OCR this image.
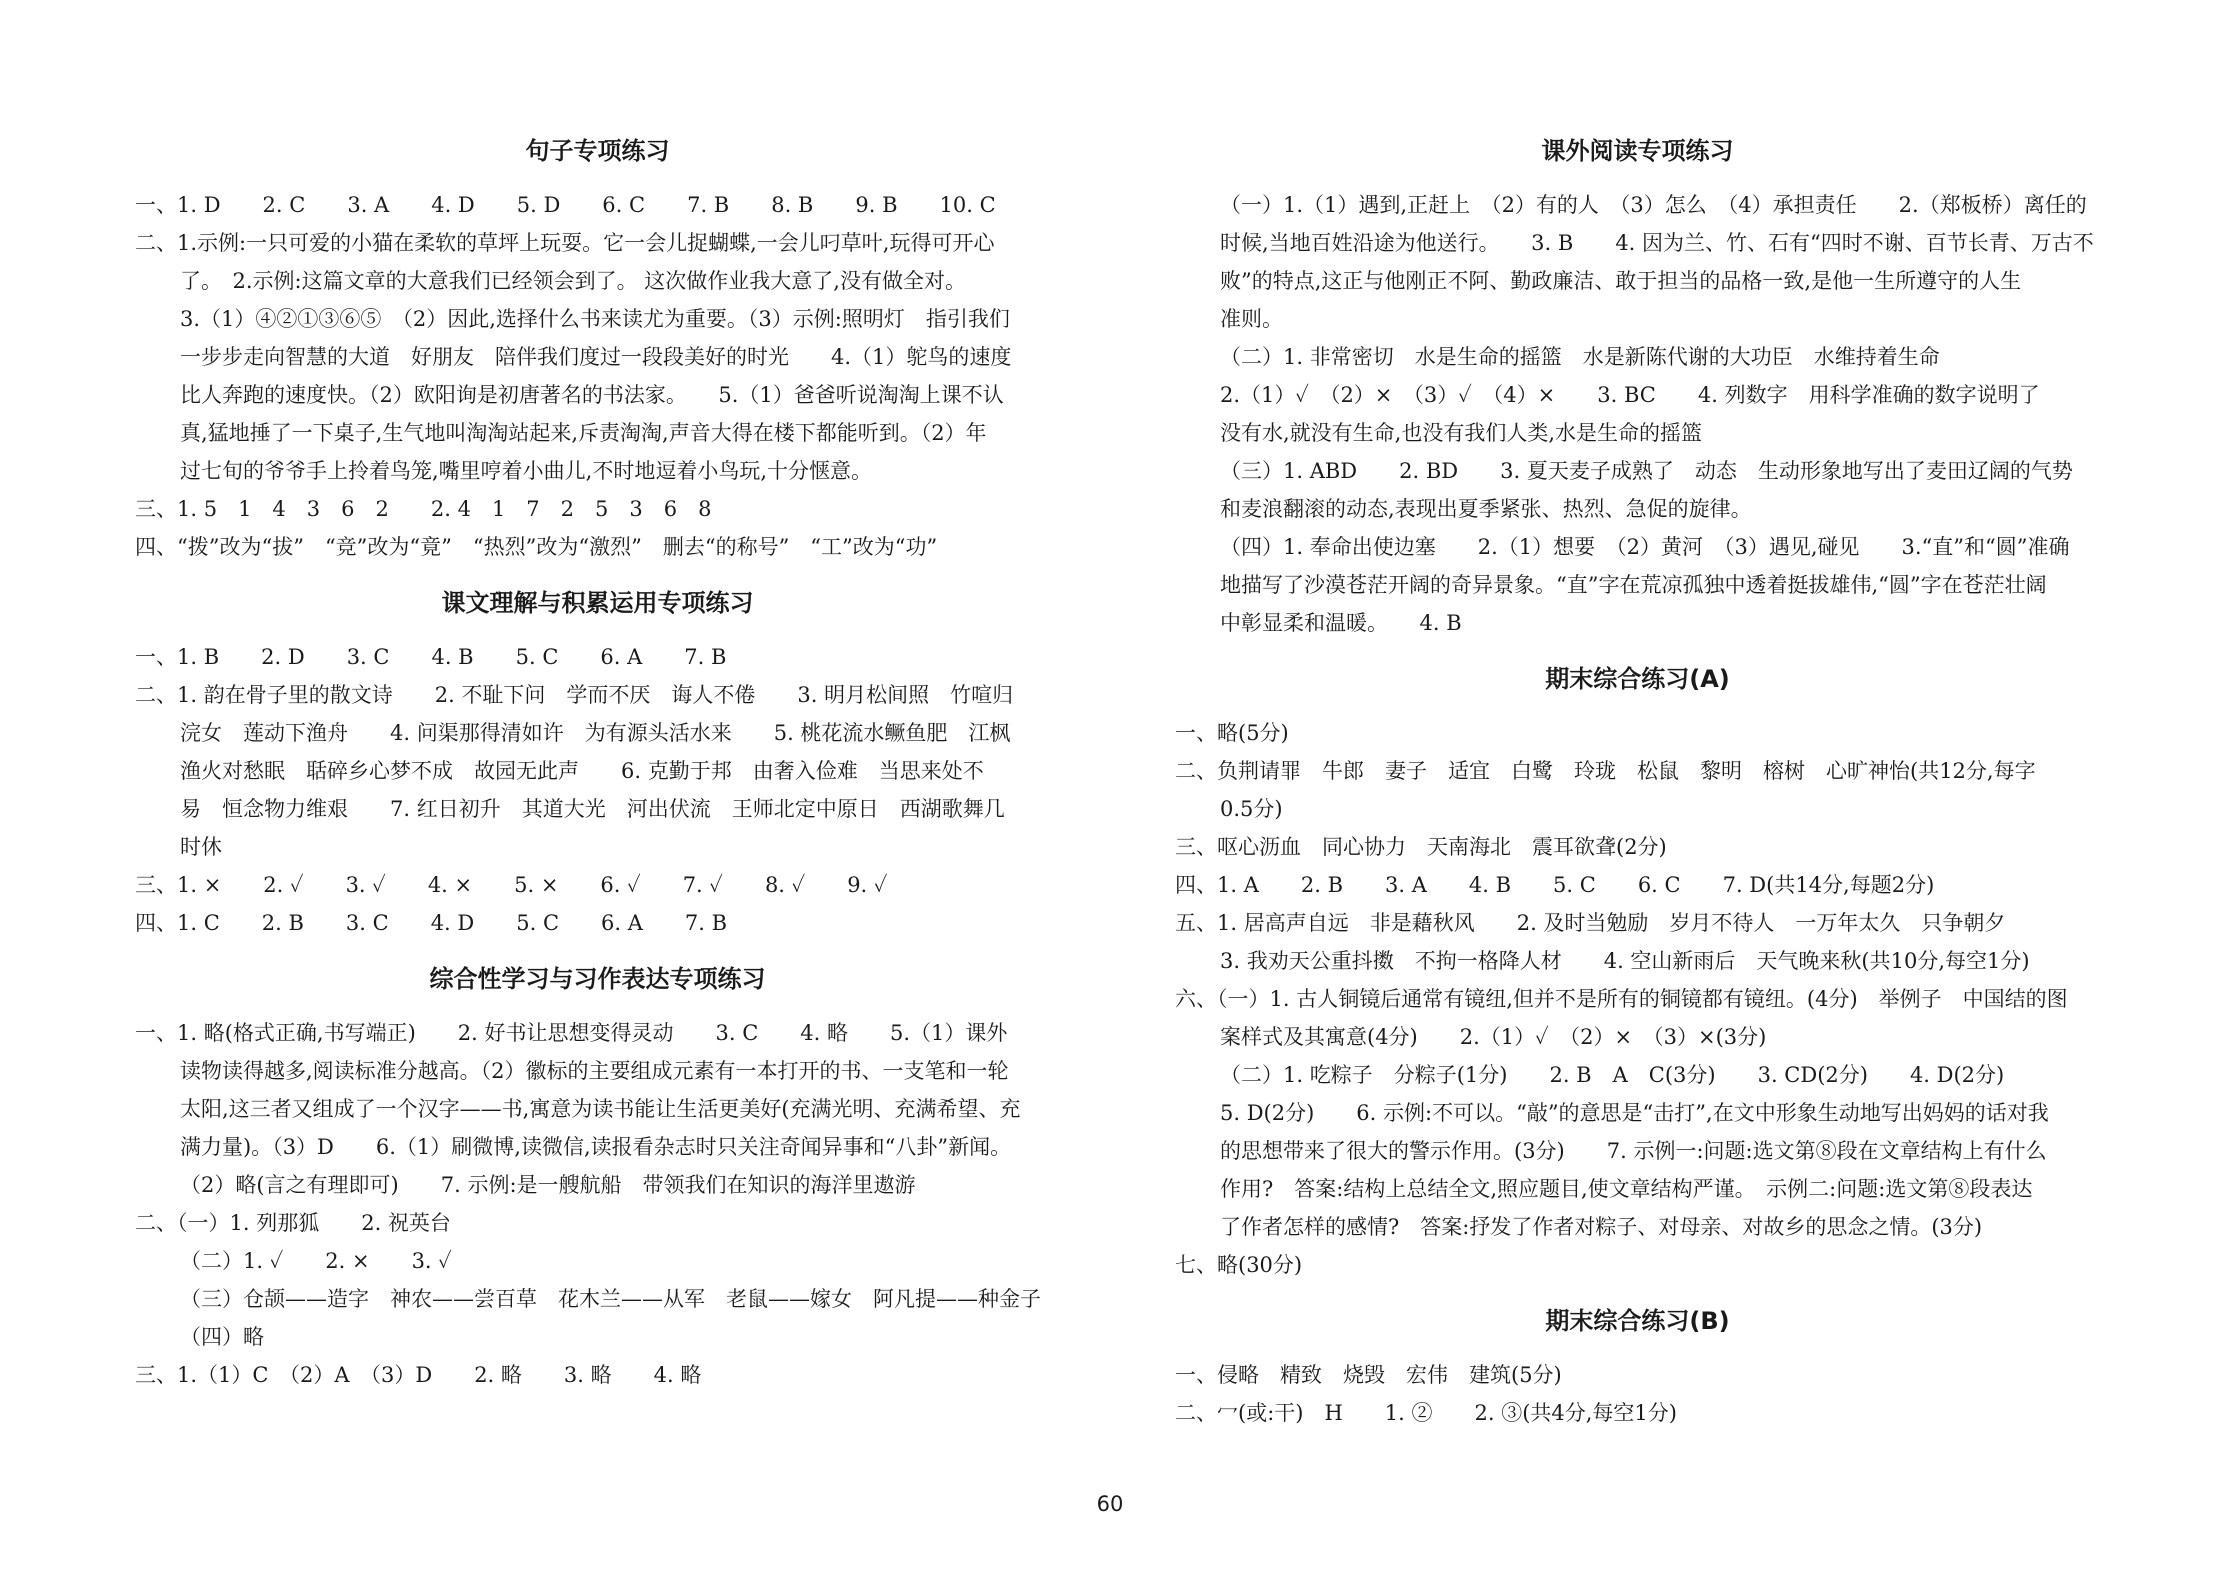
句子专项练习
一、1. D　　2. C　　3. A　　4. D　　5. D　　6. C　　7. B　　8. B　　9. B　　10. C
二、1.示例:一只可爱的小猫在柔软的草坪上玩耍。它一会儿捉蝴蝶,一会儿叼草叶,玩得可开心
了。　2.示例:这篇文章的大意我们已经领会到了。 这次做作业我大意了,没有做全对。
3.（1）④②①③⑥⑤　（2）因此,选择什么书来读尤为重要。（3）示例:照明灯　指引我们
一步步走向智慧的大道　好朋友　陪伴我们度过一段段美好的时光　　4.（1）鸵鸟的速度
比人奔跑的速度快。（2）欧阳询是初唐著名的书法家。　　5.（1）爸爸听说淘淘上课不认
真,猛地捶了一下桌子,生气地叫淘淘站起来,斥责淘淘,声音大得在楼下都能听到。（2）年
过七旬的爷爷手上拎着鸟笼,嘴里哼着小曲儿,不时地逗着小鸟玩,十分惬意。
三、1. 5　1　4　3　6　2　　2. 4　1　7　2　5　3　6　8
四、“拨”改为“拔”　“竞”改为“竟”　“热烈”改为“激烈”　删去“的称号”　“工”改为“功”
课文理解与积累运用专项练习
一、1. B　　2. D　　3. C　　4. B　　5. C　　6. A　　7. B
二、1. 韵在骨子里的散文诗　　2. 不耻下问　学而不厌　诲人不倦　　3. 明月松间照　竹喧归
浣女　莲动下渔舟　　4. 问渠那得清如许　为有源头活水来　　5. 桃花流水鳜鱼肥　江枫
渔火对愁眠　聒碎乡心梦不成　故园无此声　　6. 克勤于邦　由奢入俭难　当思来处不
易　恒念物力维艰　　7. 红日初升　其道大光　河出伏流　王师北定中原日　西湖歌舞几
时休
三、1. ×　　2. ✓　　3. ✓　　4. ×　　5. ×　　6. ✓　　7. ✓　　8. ✓　　9. ✓
四、1. C　　2. B　　3. C　　4. D　　5. C　　6. A　　7. B
综合性学习与习作表达专项练习
一、1. 略(格式正确,书写端正)　　2. 好书让思想变得灵动　　3. C　　4. 略　　5.（1）课外
读物读得越多,阅读标准分越高。（2）徽标的主要组成元素有一本打开的书、一支笔和一轮
太阳,这三者又组成了一个汉字——书,寓意为读书能让生活更美好(充满光明、充满希望、充
满力量)。（3）D　　6.（1）刷微博,读微信,读报看杂志时只关注奇闻异事和“八卦”新闻。
（2）略(言之有理即可)　　7. 示例:是一艘航船　带领我们在知识的海洋里遨游
二、（一）1. 列那狐　　2. 祝英台
（二）1. ✓　　2. ×　　3. ✓
（三）仓颉——造字　神农——尝百草　花木兰——从军　老鼠——嫁女　阿凡提——种金子
（四）略
三、1.（1）C　（2）A　（3）D　　2. 略　　3. 略　　4. 略
课外阅读专项练习
（一）1.（1）遇到,正赶上　（2）有的人　（3）怎么　（4）承担责任　　2.（郑板桥）离任的
时候,当地百姓沿途为他送行。　　3. B　　4. 因为兰、竹、石有“四时不谢、百节长青、万古不
败”的特点,这正与他刚正不阿、勤政廉洁、敢于担当的品格一致,是他一生所遵守的人生
准则。
（二）1. 非常密切　水是生命的摇篮　水是新陈代谢的大功臣　水维持着生命
2.（1）✓　（2）×　（3）✓　（4）×　　3. BC　　4. 列数字　用科学准确的数字说明了
没有水,就没有生命,也没有我们人类,水是生命的摇篮
（三）1. ABD　　2. BD　　3. 夏天麦子成熟了　动态　生动形象地写出了麦田辽阔的气势
和麦浪翻滚的动态,表现出夏季紧张、热烈、急促的旋律。
（四）1. 奉命出使边塞　　2.（1）想要　（2）黄河　（3）遇见,碰见　　3.“直”和“圆”准确
地描写了沙漠苍茫开阔的奇异景象。“直”字在荒凉孤独中透着挺拔雄伟,“圆”字在苍茫壮阔
中彰显柔和温暖。　　4. B
期末综合练习(A)
一、略(5分)
二、负荆请罪　牛郎　妻子　适宜　白鹭　玲珑　松鼠　黎明　榕树　心旷神怡(共12分,每字
0.5分)
三、呕心沥血　同心协力　天南海北　震耳欲聋(2分)
四、1. A　　2. B　　3. A　　4. B　　5. C　　6. C　　7. D(共14分,每题2分)
五、1. 居高声自远　非是藉秋风　　2. 及时当勉励　岁月不待人　一万年太久　只争朝夕
3. 我劝天公重抖擞　不拘一格降人材　　4. 空山新雨后　天气晚来秋(共10分,每空1分)
六、（一）1. 古人铜镜后通常有镜纽,但并不是所有的铜镜都有镜纽。(4分)　举例子　中国结的图
案样式及其寓意(4分)　　2.（1）✓　（2）×　（3）×(3分)
（二）1. 吃粽子　分粽子(1分)　　2. B　A　C(3分)　　3. CD(2分)　　4. D(2分)
5. D(2分)　　6. 示例:不可以。“敲”的意思是“击打”,在文中形象生动地写出妈妈的话对我
的思想带来了很大的警示作用。(3分)　　7. 示例一:问题:选文第⑧段在文章结构上有什么
作用?　答案:结构上总结全文,照应题目,使文章结构严谨。　示例二:问题:选文第⑧段表达
了作者怎样的感情?　答案:抒发了作者对粽子、对母亲、对故乡的思念之情。(3分)
七、略(30分)
期末综合练习(B)
一、侵略　精致　烧毁　宏伟　建筑(5分)
二、冖(或:干)　H　　1. ②　　2. ③(共4分,每空1分)
60
